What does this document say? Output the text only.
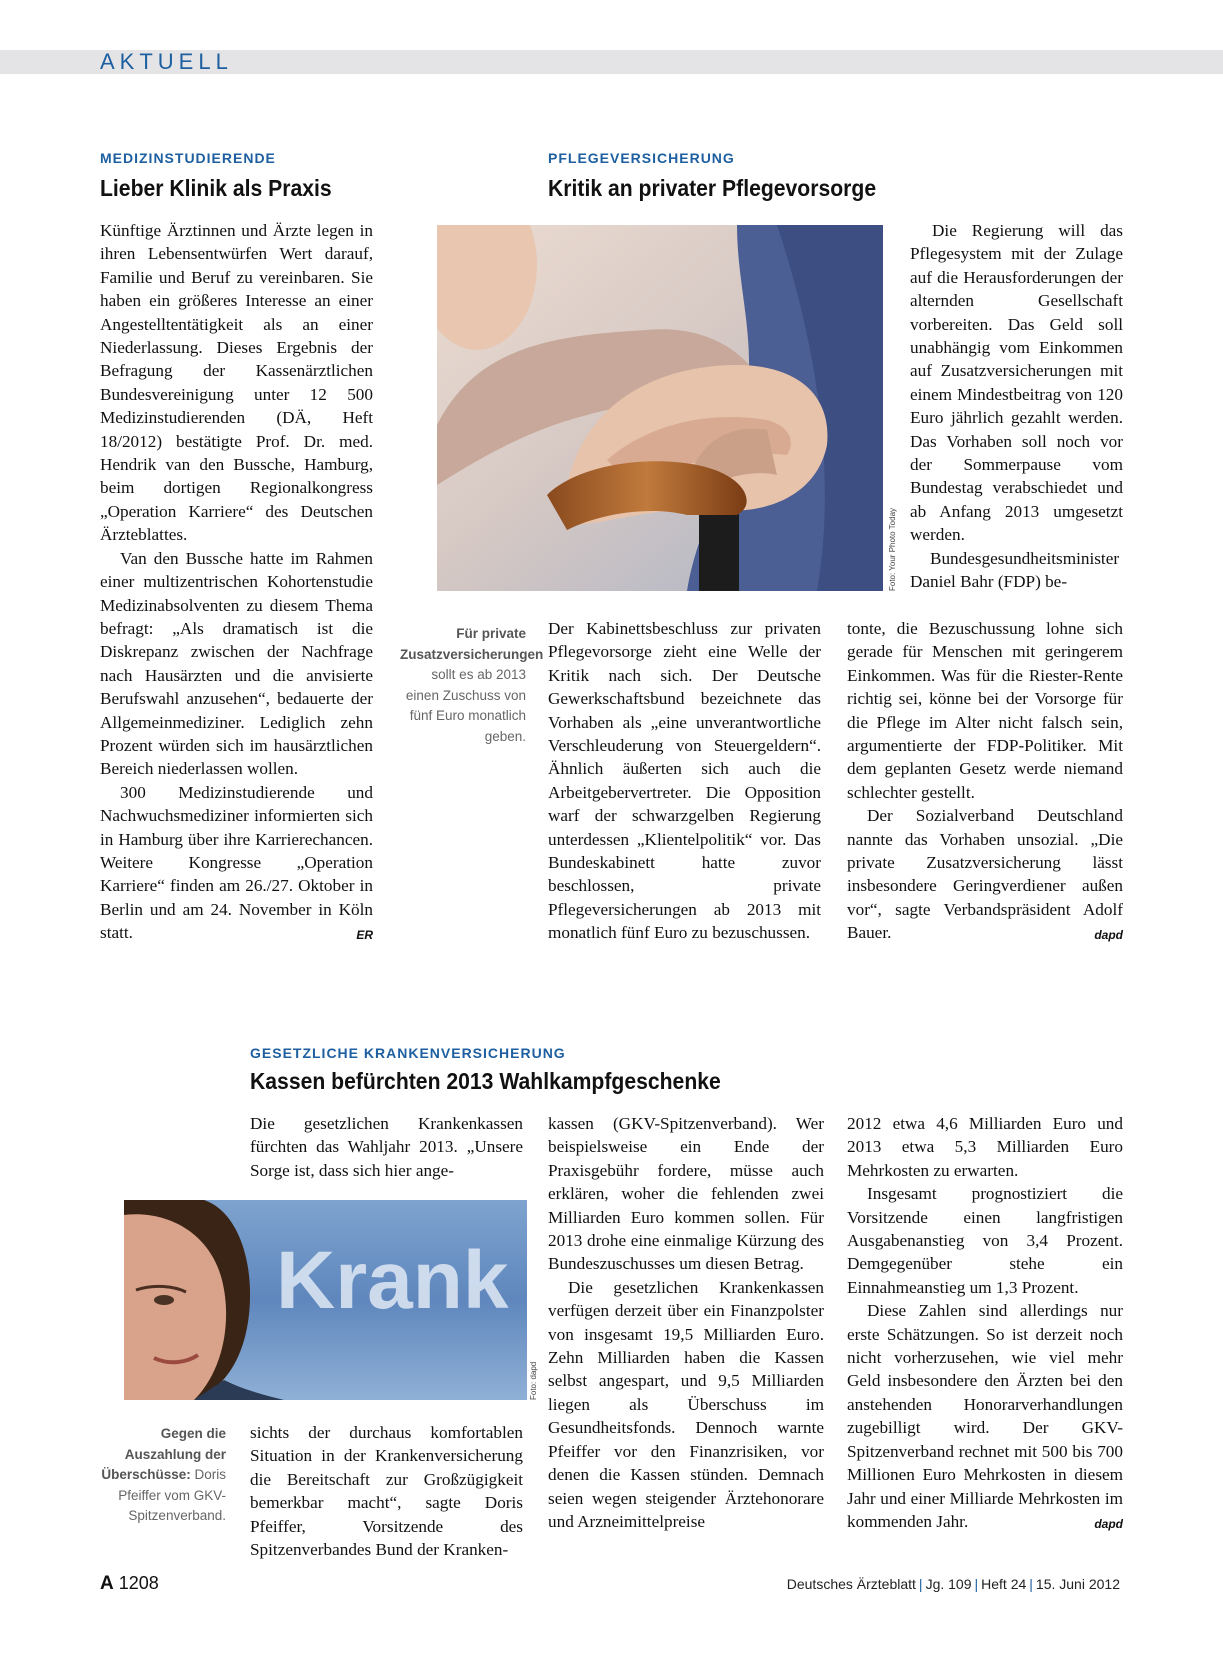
AKTUELL
MEDIZINSTUDIERENDE
Lieber Klinik als Praxis

Künftige Ärztinnen und Ärzte legen in ihren Lebensentwürfen Wert darauf, Familie und Beruf zu vereinbaren. Sie haben ein größeres Interesse an einer Angestelltentätigkeit als an einer Niederlassung. Dieses Ergebnis der Befragung der Kassenärztlichen Bundesvereinigung unter 12 500 Medizinstudierenden (DÄ, Heft 18/2012) bestätigte Prof. Dr. med. Hendrik van den Bussche, Hamburg, beim dortigen Regionalkongress „Operation Karriere“ des Deutschen Ärzteblattes.

Van den Bussche hatte im Rahmen einer multizentrischen Kohortenstudie Medizinabsolventen zu diesem Thema befragt: „Als dramatisch ist die Diskrepanz zwischen der Nachfrage nach Hausärzten und die anvisierte Berufswahl anzusehen“, bedauerte der Allgemeinmediziner. Lediglich zehn Prozent würden sich im hausärztlichen Bereich niederlassen wollen.

300 Medizinstudierende und Nachwuchsmediziner informierten sich in Hamburg über ihre Karrierechancen. Weitere Kongresse „Operation Karriere“ finden am 26./27. Oktober in Berlin und am 24. November in Köln statt.	ER

PFLEGEVERSICHERUNG
Kritik an privater Pflegevorsorge
Foto: Your Photo Today
Für private Zusatzversicherungen sollt es ab 2013 einen Zuschuss von fünf Euro monatlich geben.

Die Regierung will das Pflegesystem mit der Zulage auf die Herausforderungen der alternden Gesellschaft vorbereiten. Das Geld soll unabhängig vom Einkommen auf Zusatzversicherungen mit einem Mindestbeitrag von 120 Euro jährlich gezahlt werden. Das Vorhaben soll noch vor der Sommerpause vom Bundestag verabschiedet und ab Anfang 2013 umgesetzt werden.

Bundesgesundheitsminister Daniel Bahr (FDP) be-

Der Kabinettsbeschluss zur privaten Pflegevorsorge zieht eine Welle der Kritik nach sich. Der Deutsche Gewerkschaftsbund bezeichnete das Vorhaben als „eine unverantwortliche Verschleuderung von Steuergeldern“. Ähnlich äußerten sich auch die Arbeitgebervertreter. Die Opposition warf der schwarzgelben Regierung unterdessen „Klientelpolitik“ vor. Das Bundeskabinett hatte zuvor beschlossen, private Pflegeversicherungen ab 2013 mit monatlich fünf Euro zu bezuschussen.

tonte, die Bezuschussung lohne sich gerade für Menschen mit geringerem Einkommen. Was für die Riester-Rente richtig sei, könne bei der Vorsorge für die Pflege im Alter nicht falsch sein, argumentierte der FDP-Politiker. Mit dem geplanten Gesetz werde niemand schlechter gestellt.

Der Sozialverband Deutschland nannte das Vorhaben unsozial. „Die private Zusatzversicherung lässt insbesondere Geringverdiener außen vor“, sagte Verbandspräsident Adolf Bauer.	dapd

GESETZLICHE KRANKENVERSICHERUNG
Kassen befürchten 2013 Wahlkampfgeschenke

Die gesetzlichen Krankenkassen fürchten das Wahljahr 2013. „Unsere Sorge ist, dass sich hier ange-

Krank
Foto: dapd
Gegen die Auszahlung der Überschüsse: Doris Pfeiffer vom GKV-Spitzenverband.

sichts der durchaus komfortablen Situation in der Krankenversicherung die Bereitschaft zur Großzügigkeit bemerkbar macht“, sagte Doris Pfeiffer, Vorsitzende des Spitzenverbandes Bund der Kranken-

kassen (GKV-Spitzenverband). Wer beispielsweise ein Ende der Praxisgebühr fordere, müsse auch erklären, woher die fehlenden zwei Milliarden Euro kommen sollen. Für 2013 drohe eine einmalige Kürzung des Bundeszuschusses um diesen Betrag.

Die gesetzlichen Krankenkassen verfügen derzeit über ein Finanzpolster von insgesamt 19,5 Milliarden Euro. Zehn Milliarden haben die Kassen selbst angespart, und 9,5 Milliarden liegen als Überschuss im Gesundheitsfonds. Dennoch warnte Pfeiffer vor den Finanzrisiken, vor denen die Kassen stünden. Demnach seien wegen steigender Ärztehonorare und Arzneimittelpreise

2012 etwa 4,6 Milliarden Euro und 2013 etwa 5,3 Milliarden Euro Mehrkosten zu erwarten.

Insgesamt prognostiziert die Vorsitzende einen langfristigen Ausgabenanstieg von 3,4 Prozent. Demgegenüber stehe ein Einnahmeanstieg um 1,3 Prozent.

Diese Zahlen sind allerdings nur erste Schätzungen. So ist derzeit noch nicht vorherzusehen, wie viel mehr Geld insbesondere den Ärzten bei den anstehenden Honorarverhandlungen zugebilligt wird. Der GKV-Spitzenverband rechnet mit 500 bis 700 Millionen Euro Mehrkosten in diesem Jahr und einer Milliarde Mehrkosten im kommenden Jahr.	dapd

A 1208	Deutsches Ärzteblatt | Jg. 109 | Heft 24 | 15. Juni 2012
